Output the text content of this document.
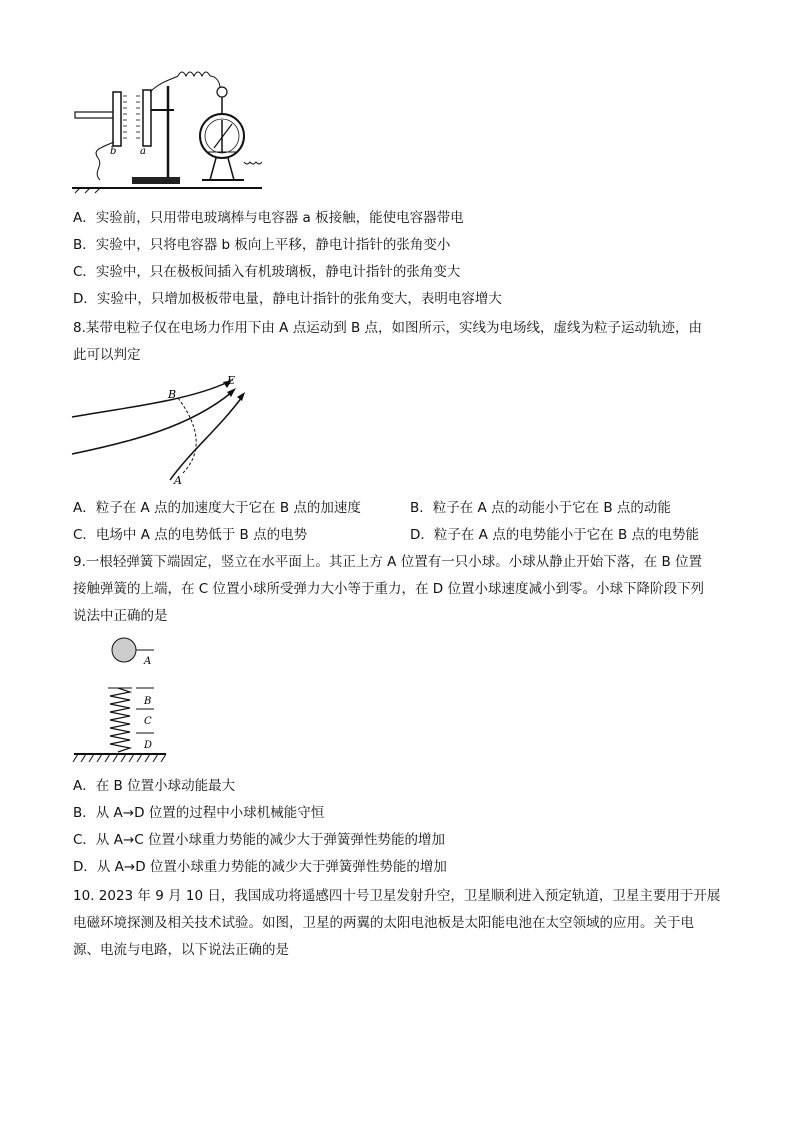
b a
A．实验前，只用带电玻璃棒与电容器 a 板接触，能使电容器带电
B．实验中，只将电容器 b 板向上平移，静电计指针的张角变小
C．实验中，只在极板间插入有机玻璃板，静电计指针的张角变大
D．实验中，只增加极板带电量，静电计指针的张角变大，表明电容增大
8.某带电粒子仅在电场力作用下由 A 点运动到 B 点，如图所示，实线为电场线，虚线为粒子运动轨迹，由
此可以判定
B
E
A
A．粒子在 A 点的加速度大于它在 B 点的加速度	B．粒子在 A 点的动能小于它在 B 点的动能
C．电场中 A 点的电势低于 B 点的电势	D．粒子在 A 点的电势能小于它在 B 点的电势能
9.一根轻弹簧下端固定，竖立在水平面上。其正上方 A 位置有一只小球。小球从静止开始下落，在 B 位置
接触弹簧的上端，在 C 位置小球所受弹力大小等于重力，在 D 位置小球速度减小到零。小球下降阶段下列
说法中正确的是
A
B
C
D
A．在 B 位置小球动能最大
B．从 A→D 位置的过程中小球机械能守恒
C．从 A→C 位置小球重力势能的减少大于弹簧弹性势能的增加
D．从 A→D 位置小球重力势能的减少大于弹簧弹性势能的增加
10. 2023 年 9 月 10 日，我国成功将遥感四十号卫星发射升空，卫星顺利进入预定轨道，卫星主要用于开展
电磁环境探测及相关技术试验。如图，卫星的两翼的太阳电池板是太阳能电池在太空领域的应用。关于电
源、电流与电路，以下说法正确的是
